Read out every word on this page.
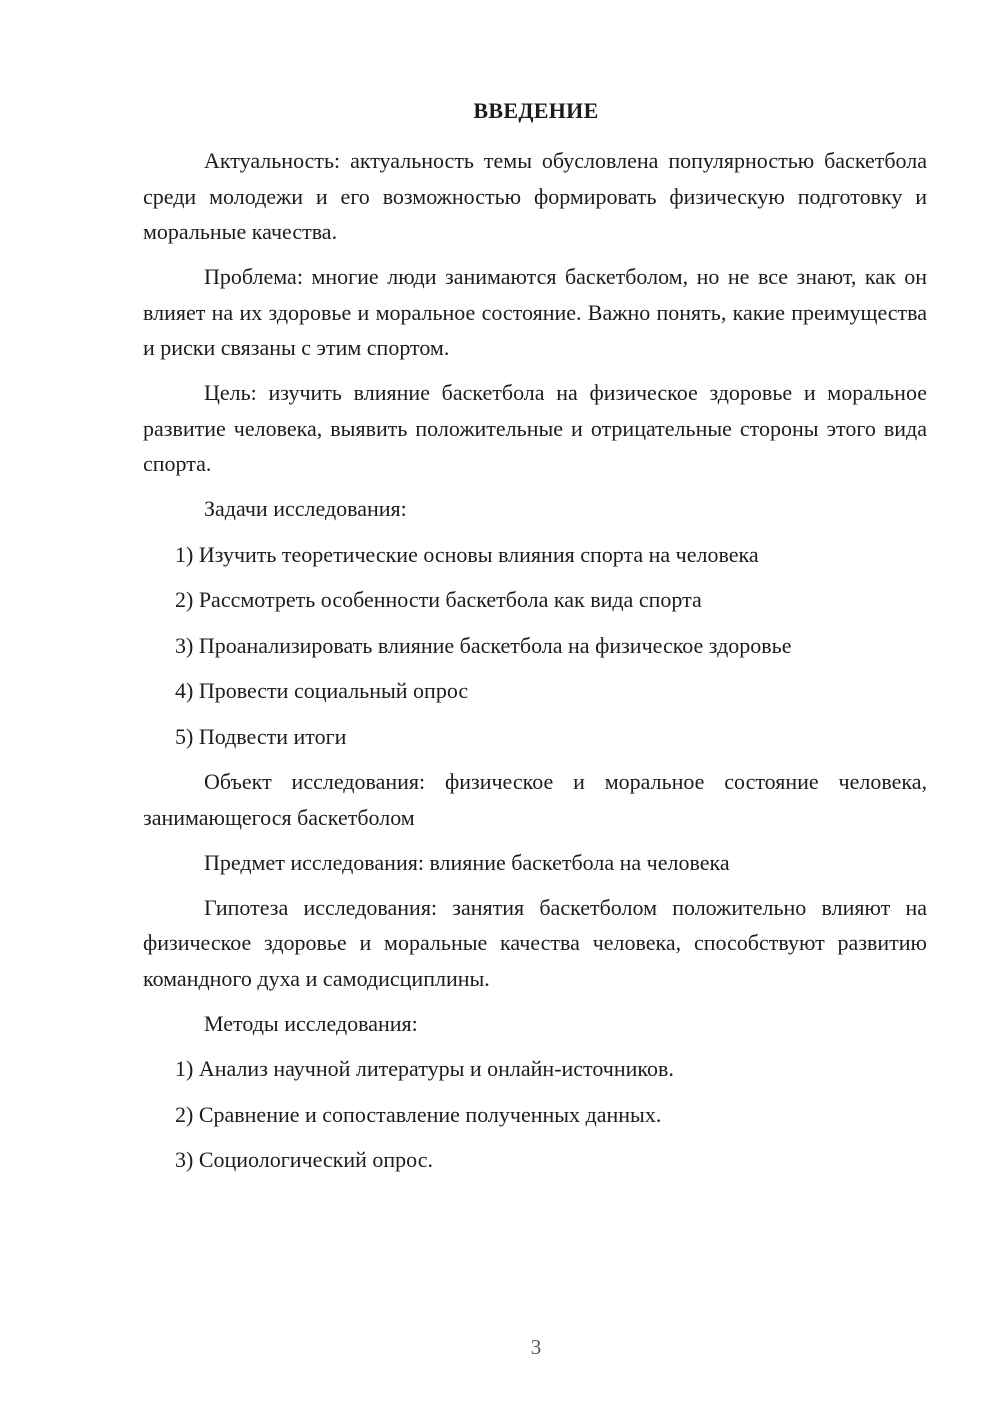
ВВЕДЕНИЕ

Актуальность: актуальность темы обусловлена популярностью баскетбола среди молодежи и его возможностью формировать физическую подготовку и моральные качества.

Проблема: многие люди занимаются баскетболом, но не все знают, как он влияет на их здоровье и моральное состояние. Важно понять, какие преимущества и риски связаны с этим спортом.

Цель: изучить влияние баскетбола на физическое здоровье и моральное развитие человека, выявить положительные и отрицательные стороны этого вида спорта.

Задачи исследования:

1) Изучить теоретические основы влияния спорта на человека

2) Рассмотреть особенности баскетбола как вида спорта

3) Проанализировать влияние баскетбола на физическое здоровье

4) Провести социальный опрос

5) Подвести итоги

Объект исследования: физическое и моральное состояние человека, занимающегося баскетболом

Предмет исследования: влияние баскетбола на человека

Гипотеза исследования: занятия баскетболом положительно влияют на физическое здоровье и моральные качества человека, способствуют развитию командного духа и самодисциплины.

Методы исследования:

1) Анализ научной литературы и онлайн-источников.

2) Сравнение и сопоставление полученных данных.

3) Социологический опрос.

3
